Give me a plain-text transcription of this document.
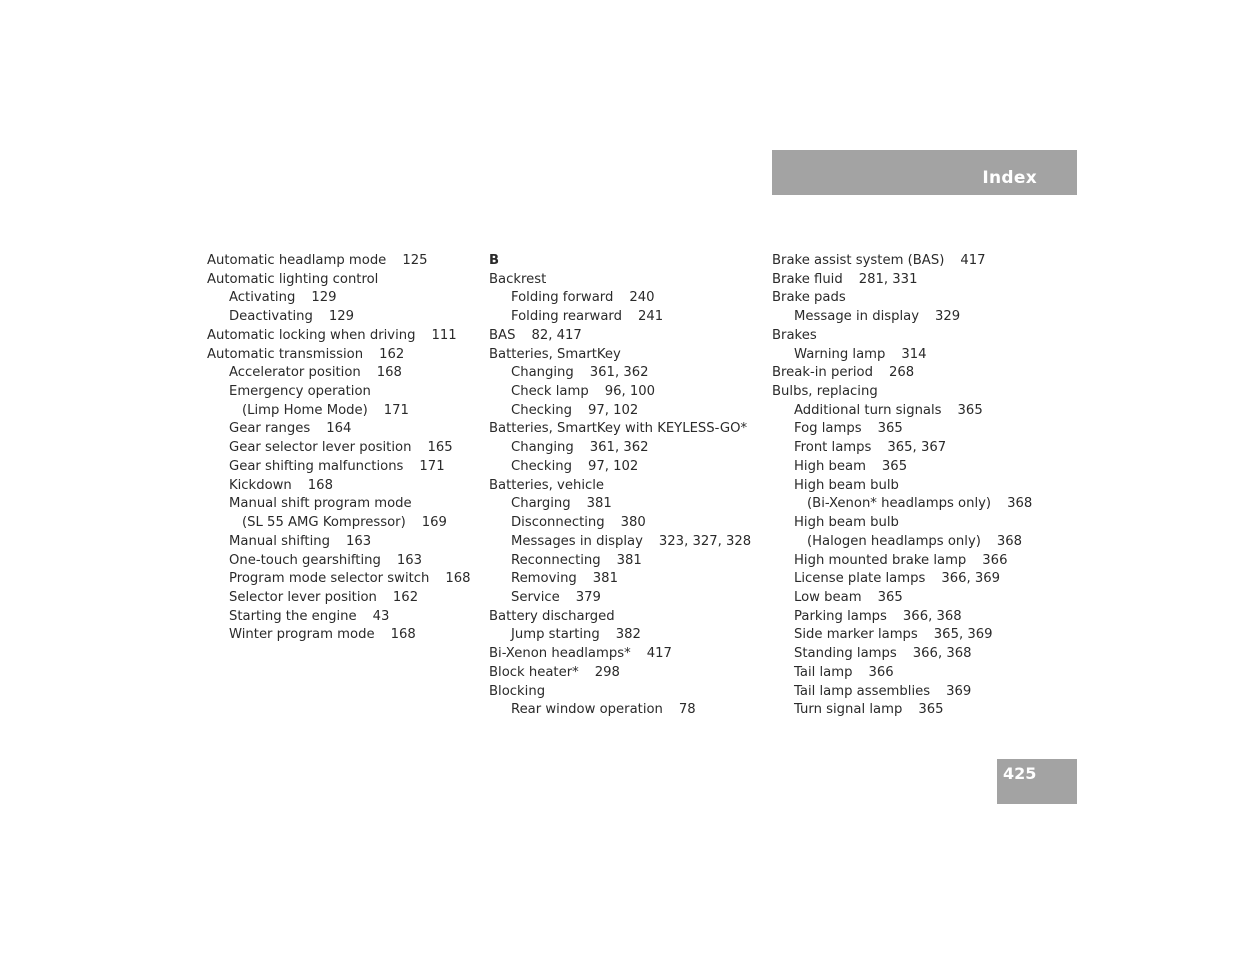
Index
Automatic headlamp mode 125
Automatic lighting control
Activating 129
Deactivating 129
Automatic locking when driving 111
Automatic transmission 162
Accelerator position 168
Emergency operation
(Limp Home Mode) 171
Gear ranges 164
Gear selector lever position 165
Gear shifting malfunctions 171
Kickdown 168
Manual shift program mode
(SL 55 AMG Kompressor) 169
Manual shifting 163
One-touch gearshifting 163
Program mode selector switch 168
Selector lever position 162
Starting the engine 43
Winter program mode 168
B
Backrest
Folding forward 240
Folding rearward 241
BAS 82, 417
Batteries, SmartKey
Changing 361, 362
Check lamp 96, 100
Checking 97, 102
Batteries, SmartKey with KEYLESS-GO*
Changing 361, 362
Checking 97, 102
Batteries, vehicle
Charging 381
Disconnecting 380
Messages in display 323, 327, 328
Reconnecting 381
Removing 381
Service 379
Battery discharged
Jump starting 382
Bi-Xenon headlamps* 417
Block heater* 298
Blocking
Rear window operation 78
Brake assist system (BAS) 417
Brake fluid 281, 331
Brake pads
Message in display 329
Brakes
Warning lamp 314
Break-in period 268
Bulbs, replacing
Additional turn signals 365
Fog lamps 365
Front lamps 365, 367
High beam 365
High beam bulb
(Bi-Xenon* headlamps only) 368
High beam bulb
(Halogen headlamps only) 368
High mounted brake lamp 366
License plate lamps 366, 369
Low beam 365
Parking lamps 366, 368
Side marker lamps 365, 369
Standing lamps 366, 368
Tail lamp 366
Tail lamp assemblies 369
Turn signal lamp 365
425
